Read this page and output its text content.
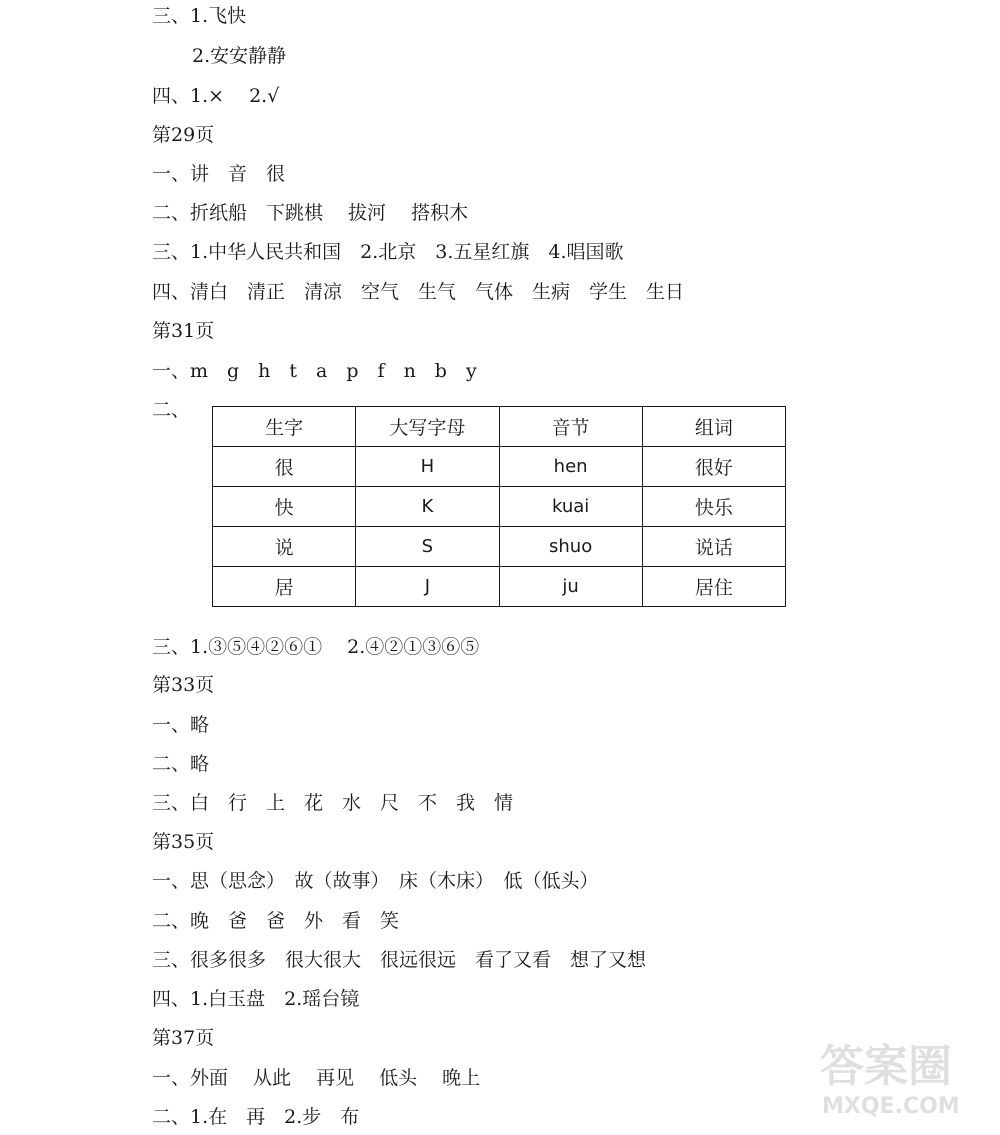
三、1.飞快
2.安安静静
四、1.×　 2.√
第29页
一、讲　音　很
二、折纸船　下跳棋　 拔河　 搭积木
三、1.中华人民共和国　2.北京　3.五星红旗　4.唱国歌
四、清白　清正　清凉　空气　生气　气体　生病　学生　生日
第31页
一、m　g　h　t　a　p　f　n　b　y
二、
生字	大写字母	音节	组词
很	H	hen	很好
快	K	kuai	快乐
说	S	shuo	说话
居	J	ju	居住
三、1.③⑤④②⑥①　 2.④②①③⑥⑤
第33页
一、略
二、略
三、白　行　上　花　水　尺　不　我　情
第35页
一、思（思念）　故（故事）　床（木床）　低（低头）
二、晚　爸　爸　外　看　笑
三、很多很多　很大很大　很远很远　看了又看　想了又想
四、1.白玉盘　2.瑶台镜
第37页
一、外面　 从此　 再见　 低头　 晚上
二、1.在　再　2.步　布
答案圈
MXQE.COM
